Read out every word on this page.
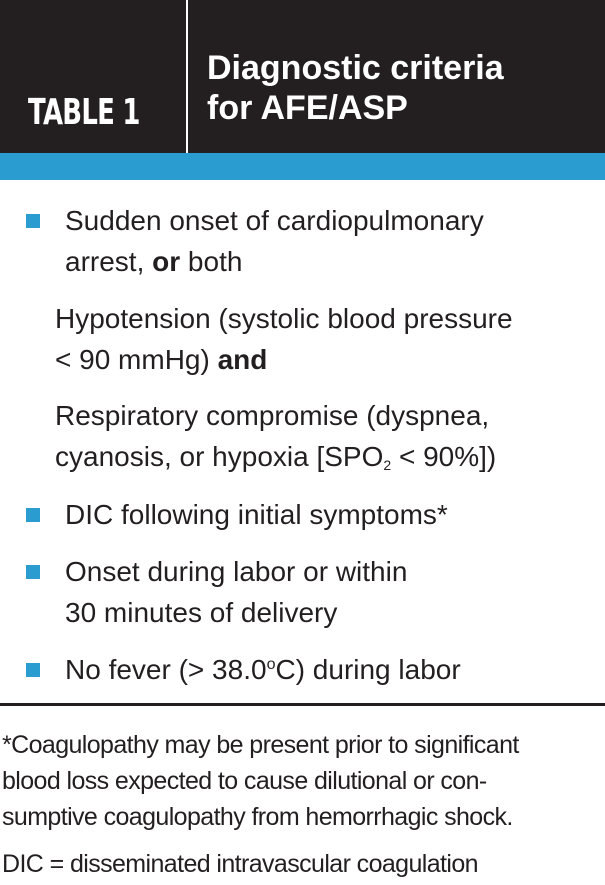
TABLE 1
Diagnostic criteria
for AFE/ASP
Sudden onset of cardiopulmonary
arrest, or both
Hypotension (systolic blood pressure
< 90 mmHg) and
Respiratory compromise (dyspnea,
cyanosis, or hypoxia $[SPO_2 < 90\%]$)
DIC following initial symptoms*
Onset during labor or within
30 minutes of delivery
No fever (> $38.0^oC$) during labor
*Coagulopathy may be present prior to significant
blood loss expected to cause dilutional or con-
sumptive coagulopathy from hemorrhagic shock.
DIC = disseminated intravascular coagulation
